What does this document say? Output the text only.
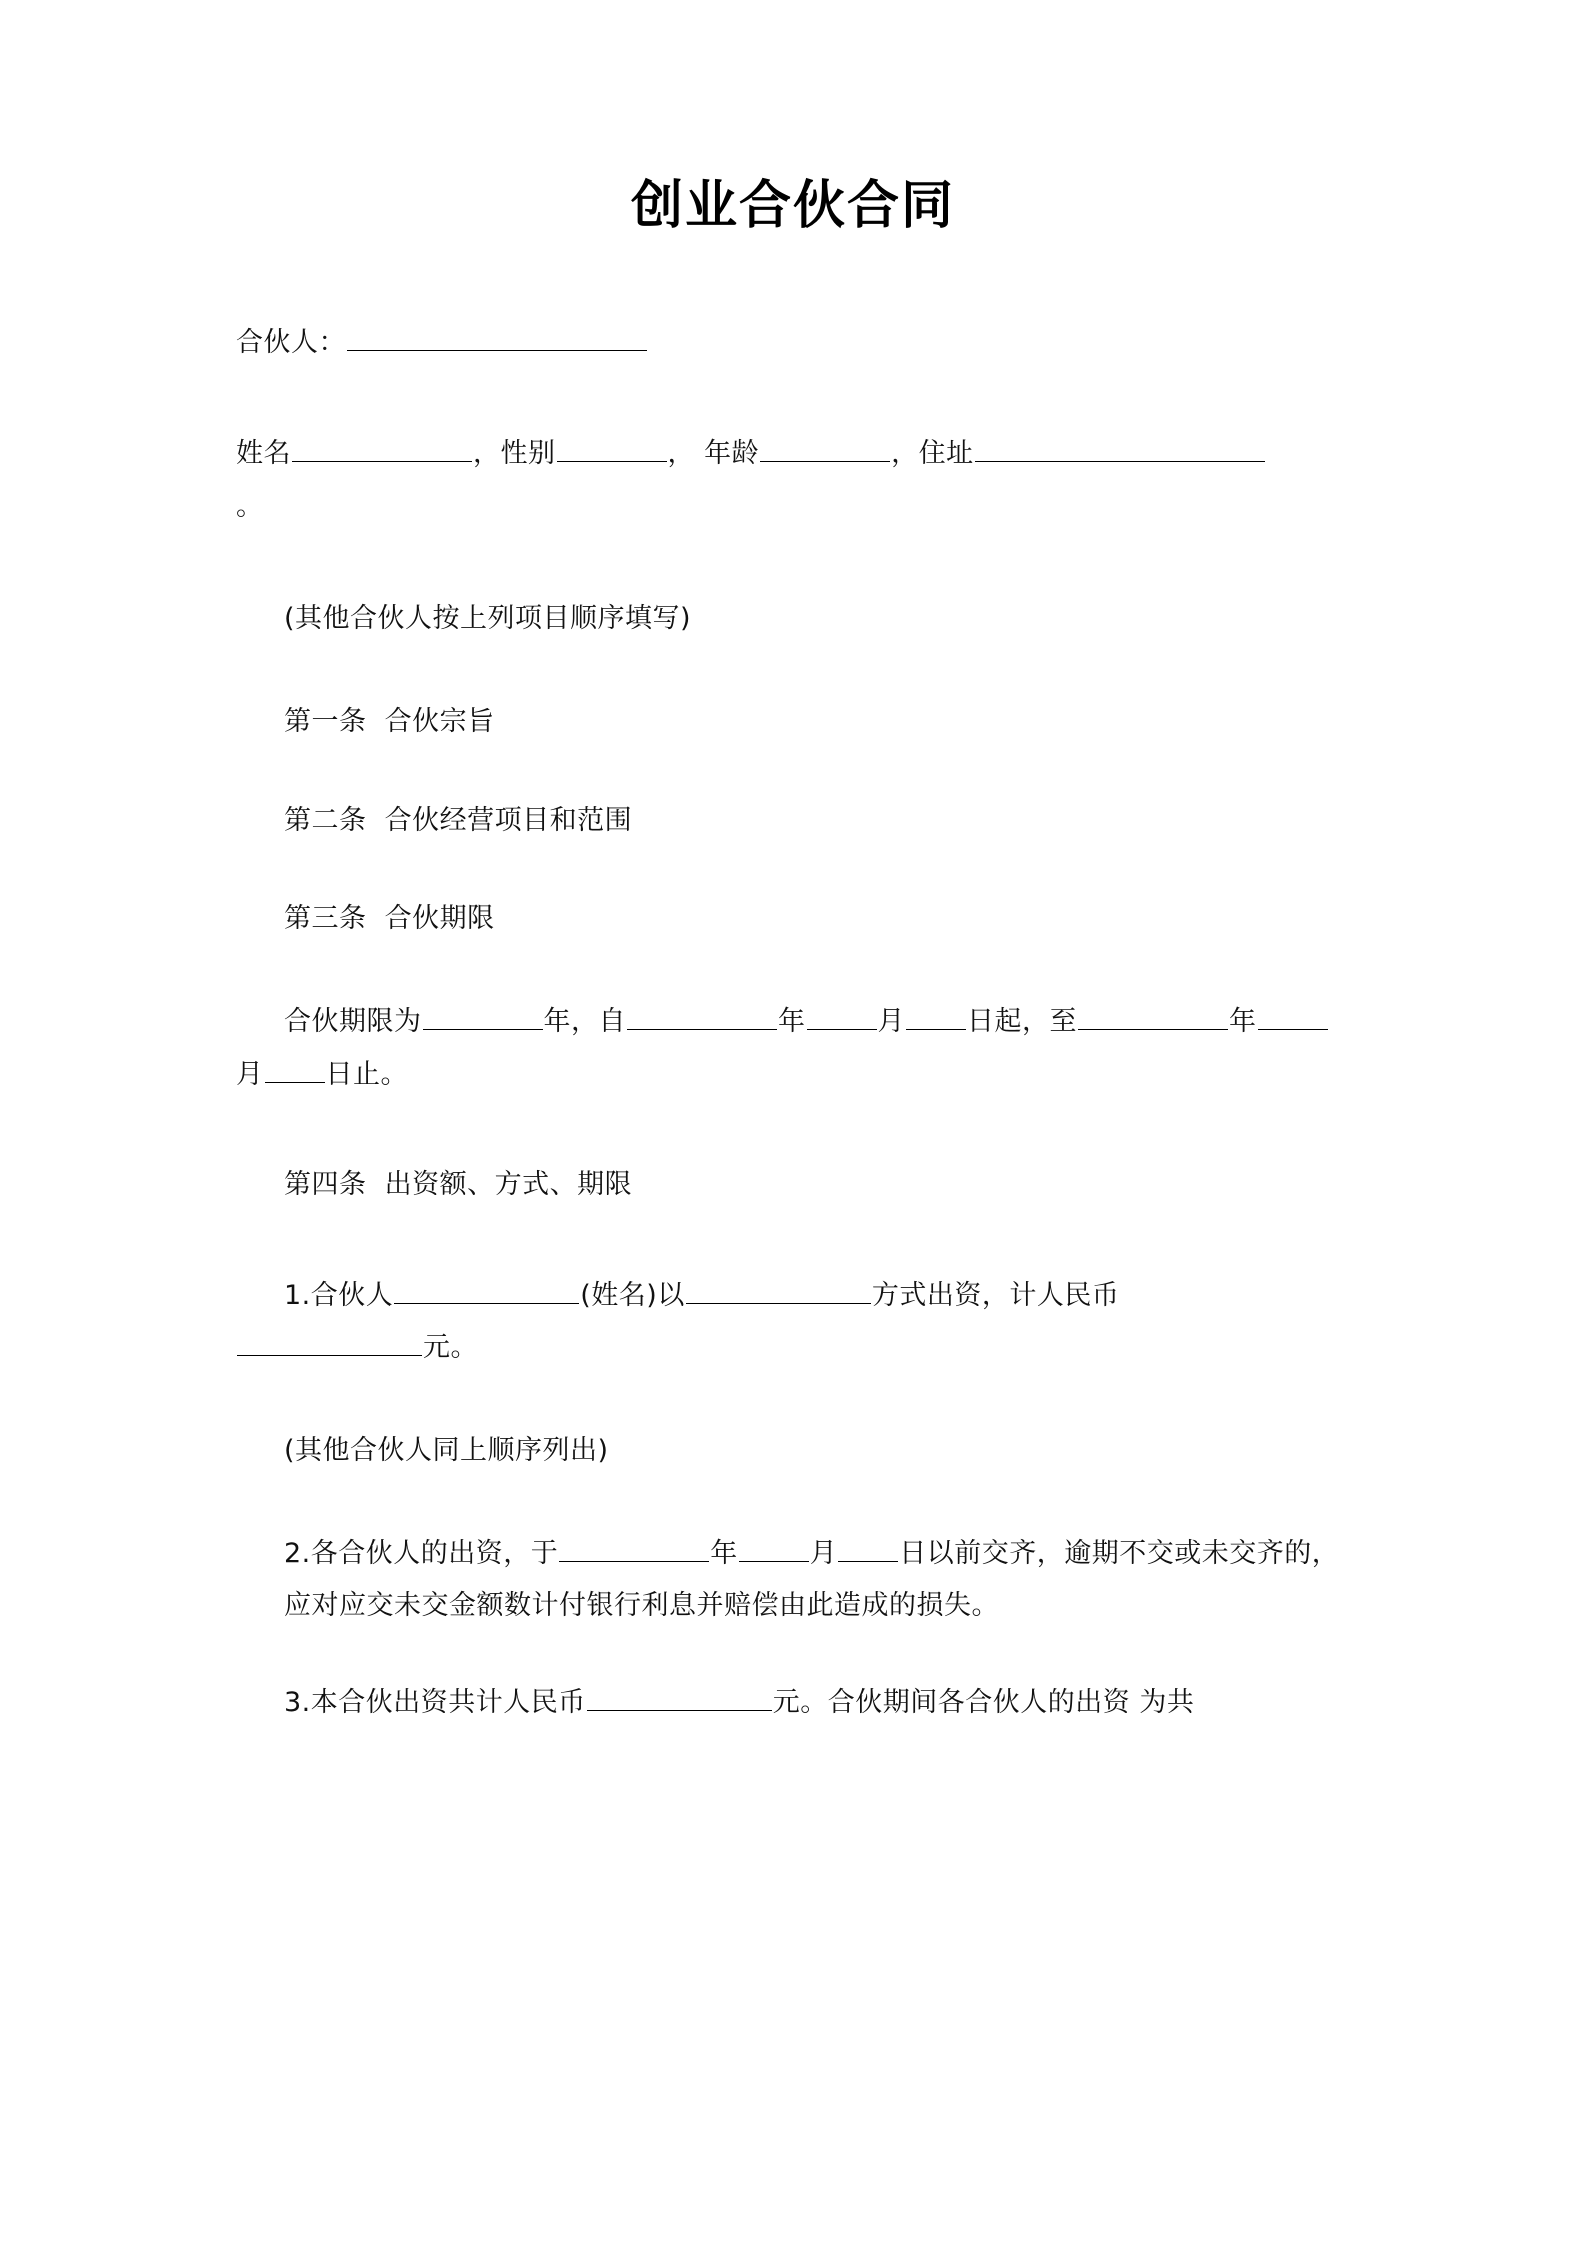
创业合伙合同

合伙人：

姓名	，性别	， 年龄	，住址

。

(其他合伙人按上列项目顺序填写)

第一条 合伙宗旨

第二条 合伙经营项目和范围

第三条 合伙期限

合伙期限为	年，自	年	月 日起，至	年

月 日止。

第四条 出资额、方式、期限

1.合伙人	(姓名)以	方式出资，计人民币

元。

(其他合伙人同上顺序列出)

2.各合伙人的出资，于	年	月 日以前交齐，逾期不交或未交齐的，应对应交未交金额数计付银行利息并赔偿由此造成的损失。

3.本合伙出资共计人民币	元。合伙期间各合伙人的出资 为共
